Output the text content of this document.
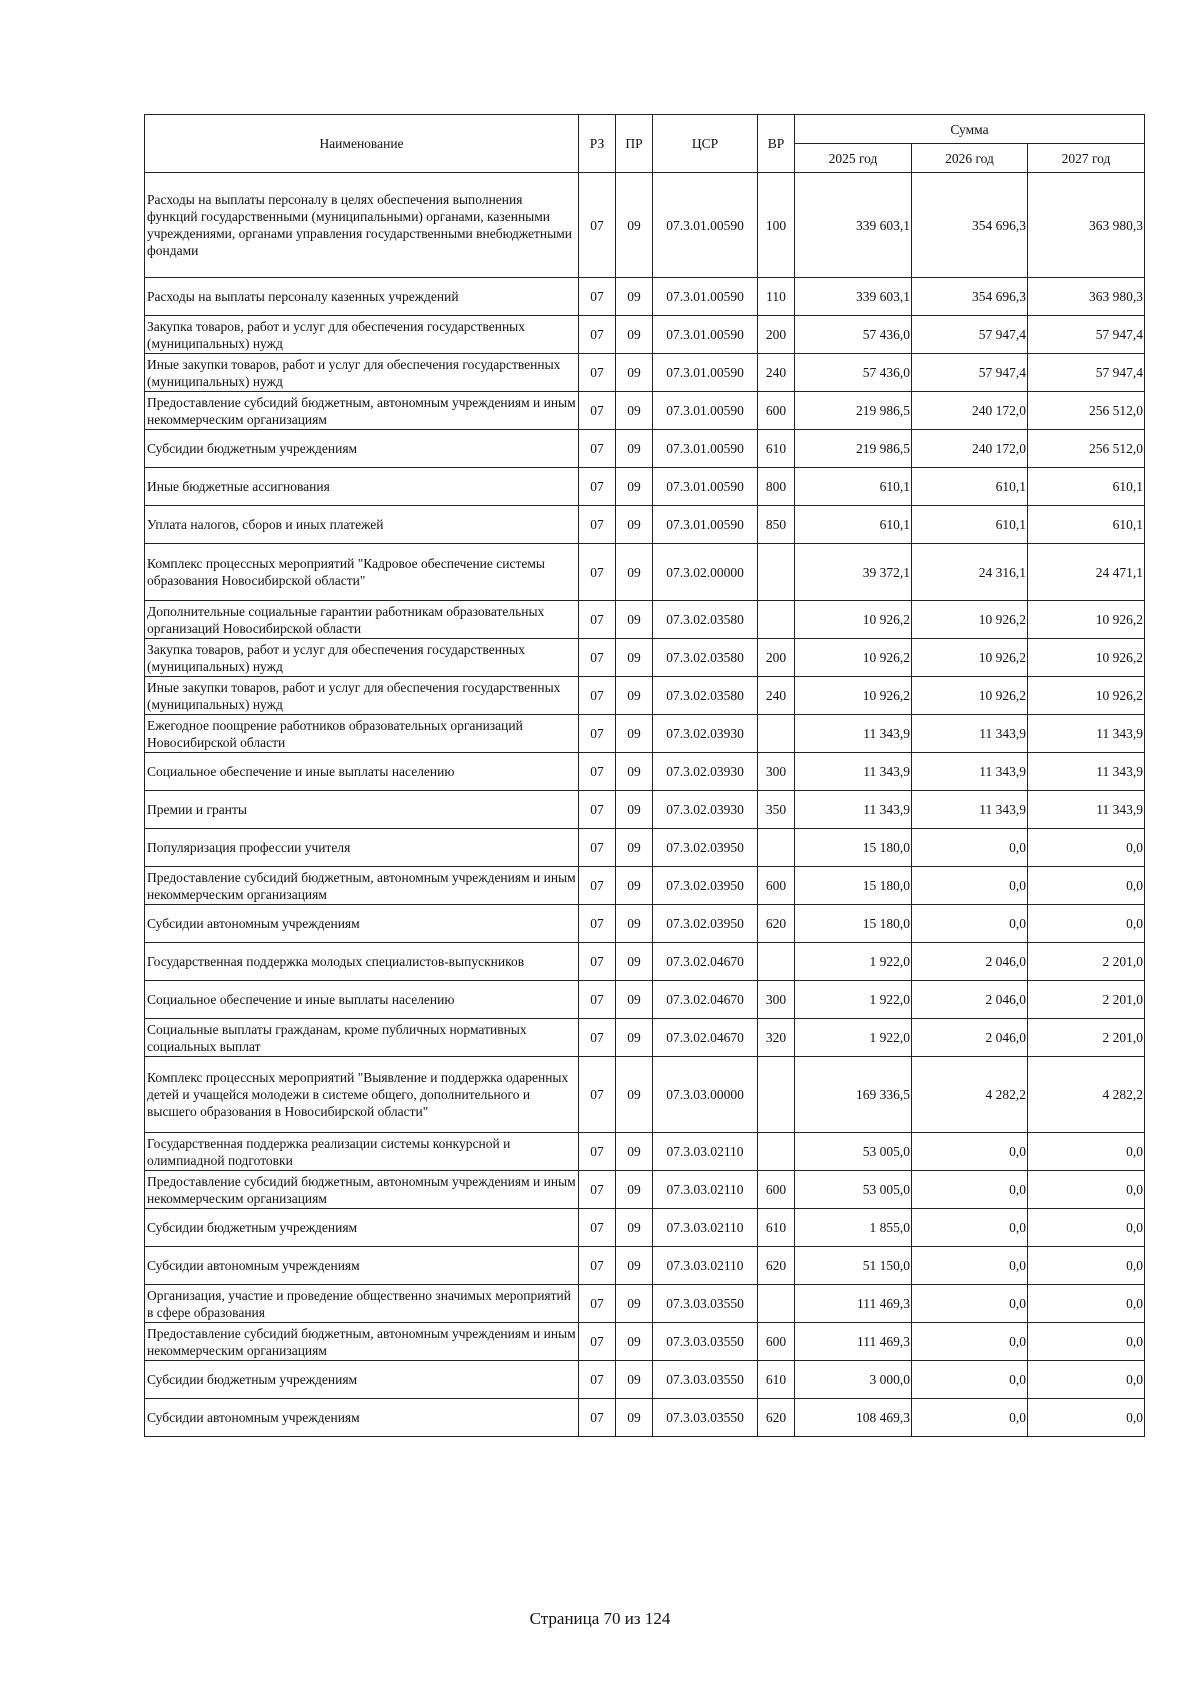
Наименование	РЗ	ПР	ЦСР	ВР	Сумма		
					2025 год	2026 год	2027 год
Расходы на выплаты персоналу в целях обеспечения выполнения функций государственными (муниципальными) органами, казенными учреждениями, органами управления государственными внебюджетными фондами	07	09	07.3.01.00590	100	339 603,1	354 696,3	363 980,3
Расходы на выплаты персоналу казенных учреждений	07	09	07.3.01.00590	110	339 603,1	354 696,3	363 980,3
Закупка товаров, работ и услуг для обеспечения государственных (муниципальных) нужд	07	09	07.3.01.00590	200	57 436,0	57 947,4	57 947,4
Иные закупки товаров, работ и услуг для обеспечения государственных (муниципальных) нужд	07	09	07.3.01.00590	240	57 436,0	57 947,4	57 947,4
Предоставление субсидий бюджетным, автономным учреждениям и иным некоммерческим организациям	07	09	07.3.01.00590	600	219 986,5	240 172,0	256 512,0
Субсидии бюджетным учреждениям	07	09	07.3.01.00590	610	219 986,5	240 172,0	256 512,0
Иные бюджетные ассигнования	07	09	07.3.01.00590	800	610,1	610,1	610,1
Уплата налогов, сборов и иных платежей	07	09	07.3.01.00590	850	610,1	610,1	610,1
Комплекс процессных мероприятий "Кадровое обеспечение системы образования Новосибирской области"	07	09	07.3.02.00000		39 372,1	24 316,1	24 471,1
Дополнительные социальные гарантии работникам образовательных организаций Новосибирской области	07	09	07.3.02.03580		10 926,2	10 926,2	10 926,2
Закупка товаров, работ и услуг для обеспечения государственных (муниципальных) нужд	07	09	07.3.02.03580	200	10 926,2	10 926,2	10 926,2
Иные закупки товаров, работ и услуг для обеспечения государственных (муниципальных) нужд	07	09	07.3.02.03580	240	10 926,2	10 926,2	10 926,2
Ежегодное поощрение работников образовательных организаций Новосибирской области	07	09	07.3.02.03930		11 343,9	11 343,9	11 343,9
Социальное обеспечение и иные выплаты населению	07	09	07.3.02.03930	300	11 343,9	11 343,9	11 343,9
Премии и гранты	07	09	07.3.02.03930	350	11 343,9	11 343,9	11 343,9
Популяризация профессии учителя	07	09	07.3.02.03950		15 180,0	0,0	0,0
Предоставление субсидий бюджетным, автономным учреждениям и иным некоммерческим организациям	07	09	07.3.02.03950	600	15 180,0	0,0	0,0
Субсидии автономным учреждениям	07	09	07.3.02.03950	620	15 180,0	0,0	0,0
Государственная поддержка молодых специалистов-выпускников	07	09	07.3.02.04670		1 922,0	2 046,0	2 201,0
Социальное обеспечение и иные выплаты населению	07	09	07.3.02.04670	300	1 922,0	2 046,0	2 201,0
Социальные выплаты гражданам, кроме публичных нормативных социальных выплат	07	09	07.3.02.04670	320	1 922,0	2 046,0	2 201,0
Комплекс процессных мероприятий "Выявление и поддержка одаренных детей и учащейся молодежи в системе общего, дополнительного и высшего образования в Новосибирской области"	07	09	07.3.03.00000		169 336,5	4 282,2	4 282,2
Государственная поддержка реализации системы конкурсной и олимпиадной подготовки	07	09	07.3.03.02110		53 005,0	0,0	0,0
Предоставление субсидий бюджетным, автономным учреждениям и иным некоммерческим организациям	07	09	07.3.03.02110	600	53 005,0	0,0	0,0
Субсидии бюджетным учреждениям	07	09	07.3.03.02110	610	1 855,0	0,0	0,0
Субсидии автономным учреждениям	07	09	07.3.03.02110	620	51 150,0	0,0	0,0
Организация, участие и проведение общественно значимых мероприятий в сфере образования	07	09	07.3.03.03550		111 469,3	0,0	0,0
Предоставление субсидий бюджетным, автономным учреждениям и иным некоммерческим организациям	07	09	07.3.03.03550	600	111 469,3	0,0	0,0
Субсидии бюджетным учреждениям	07	09	07.3.03.03550	610	3 000,0	0,0	0,0
Субсидии автономным учреждениям	07	09	07.3.03.03550	620	108 469,3	0,0	0,0
Страница 70 из 124
